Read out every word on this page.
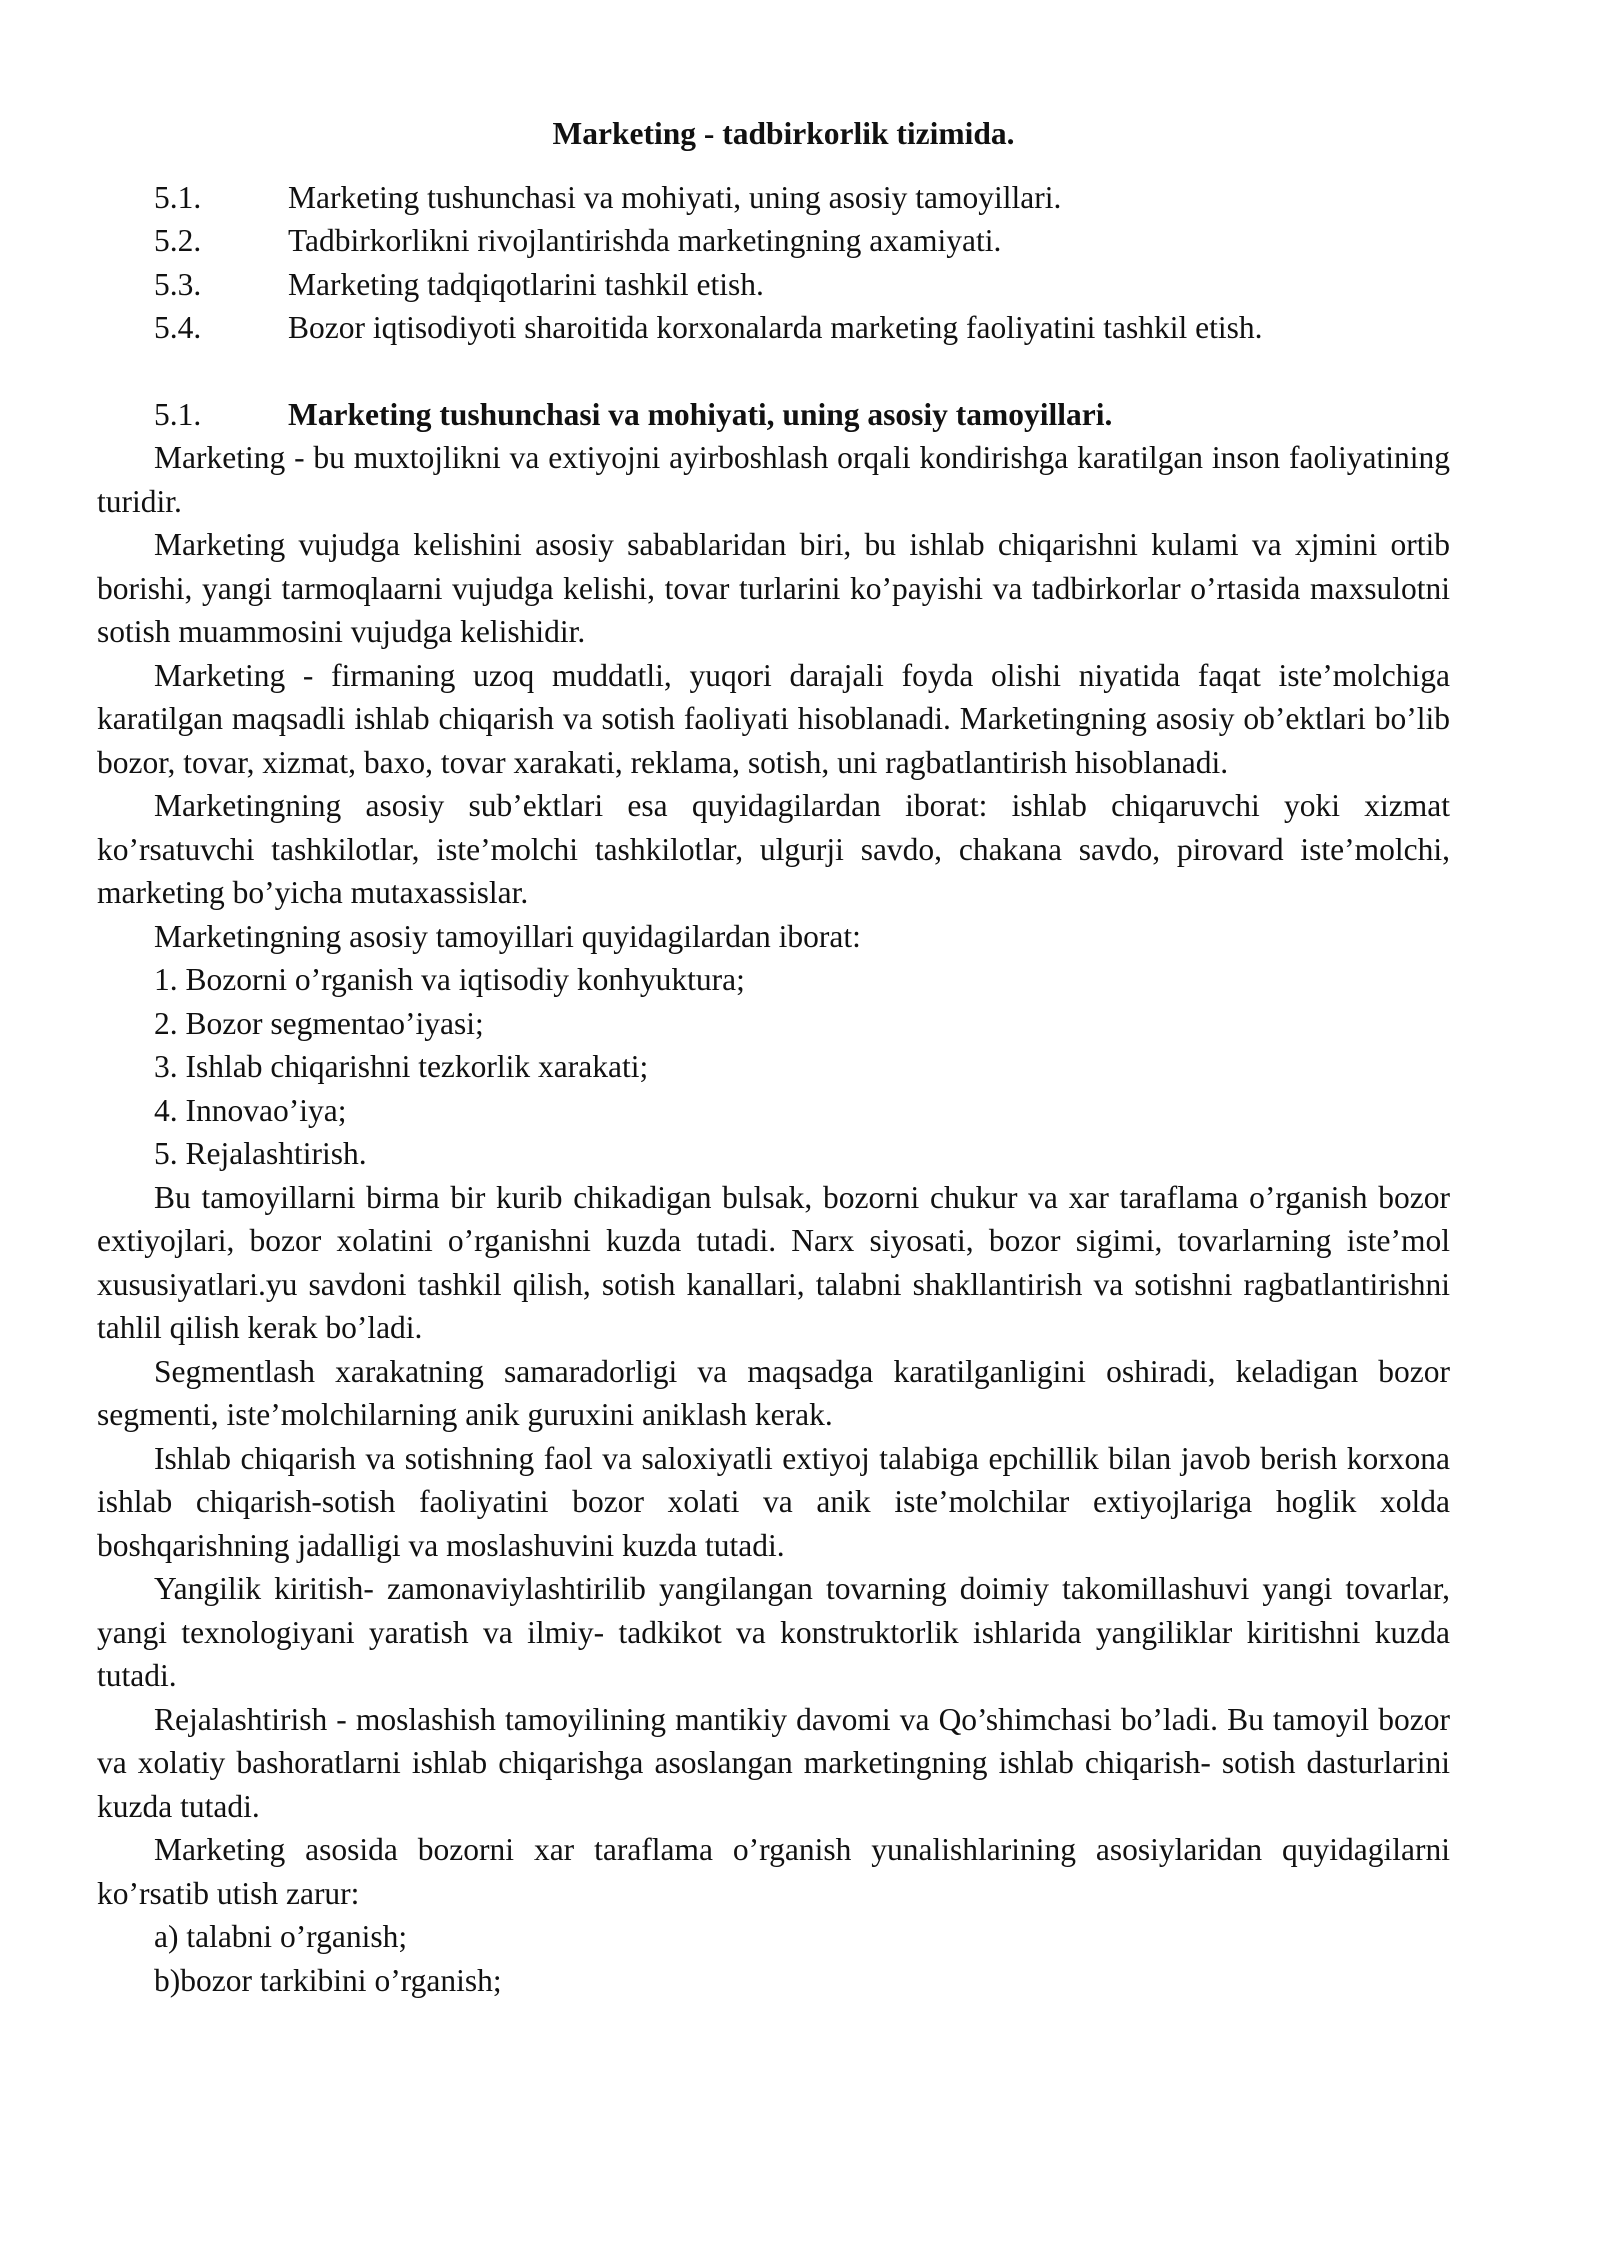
Marketing - tadbirkorlik tizimida.
5.1.	Marketing tushunchasi va mohiyati, uning asosiy tamoyillari.
5.2.	Tadbirkorlikni rivojlantirishda marketingning axamiyati.
5.3.	Marketing tadqiqotlarini tashkil etish.
5.4.	Bozor iqtisodiyoti sharoitida korxonalarda marketing faoliyatini tashkil etish.
5.1.	Marketing tushunchasi va mohiyati, uning asosiy tamoyillari.

Marketing - bu muxtojlikni va extiyojni ayirboshlash orqali kondirishga karatilgan inson faoliyatining turidir.

Marketing vujudga kelishini asosiy sabablaridan biri, bu ishlab chiqarishni kulami va xjmini ortib borishi, yangi tarmoqlaarni vujudga kelishi, tovar turlarini ko’payishi va tadbirkorlar o’rtasida maxsulotni sotish muammosini vujudga kelishidir.

Marketing - firmaning uzoq muddatli, yuqori darajali foyda olishi niyatida faqat iste’molchiga karatilgan maqsadli ishlab chiqarish va sotish faoliyati hisoblanadi. Marketingning asosiy ob’ektlari bo’lib bozor, tovar, xizmat, baxo, tovar xarakati, reklama, sotish, uni ragbatlantirish hisoblanadi.

Marketingning asosiy sub’ektlari esa quyidagilardan iborat: ishlab chiqaruvchi yoki xizmat ko’rsatuvchi tashkilotlar, iste’molchi tashkilotlar, ulgurji savdo, chakana savdo, pirovard iste’molchi, marketing bo’yicha mutaxassislar.

Marketingning asosiy tamoyillari quyidagilardan iborat:

1. Bozorni o’rganish va iqtisodiy konhyuktura;
2. Bozor segmentao’iyasi;
3. Ishlab chiqarishni tezkorlik xarakati;
4. Innovao’iya;
5. Rejalashtirish.

Bu tamoyillarni birma bir kurib chikadigan bulsak, bozorni chukur va xar taraflama o’rganish bozor extiyojlari, bozor xolatini o’rganishni kuzda tutadi. Narx siyosati, bozor sigimi, tovarlarning iste’mol xususiyatlari.yu savdoni tashkil qilish, sotish kanallari, talabni shakllantirish va sotishni ragbatlantirishni tahlil qilish kerak bo’ladi.

Segmentlash xarakatning samaradorligi va maqsadga karatilganligini oshiradi, keladigan bozor segmenti, iste’molchilarning anik guruxini aniklash kerak.

Ishlab chiqarish va sotishning faol va saloxiyatli extiyoj talabiga epchillik bilan javob berish korxona ishlab chiqarish-sotish faoliyatini bozor xolati va anik iste’molchilar extiyojlariga hoglik xolda boshqarishning jadalligi va moslashuvini kuzda tutadi.

Yangilik kiritish- zamonaviylashtirilib yangilangan tovarning doimiy takomillashuvi yangi tovarlar, yangi texnologiyani yaratish va ilmiy- tadkikot va konstruktorlik ishlarida yangiliklar kiritishni kuzda tutadi.

Rejalashtirish - moslashish tamoyilining mantikiy davomi va Qo’shimchasi bo’ladi. Bu tamoyil bozor va xolatiy bashoratlarni ishlab chiqarishga asoslangan marketingning ishlab chiqarish- sotish dasturlarini kuzda tutadi.

Marketing asosida bozorni xar taraflama o’rganish yunalishlarining asosiylaridan quyidagilarni ko’rsatib utish zarur:

a) talabni o’rganish;
b)bozor tarkibini o’rganish;
